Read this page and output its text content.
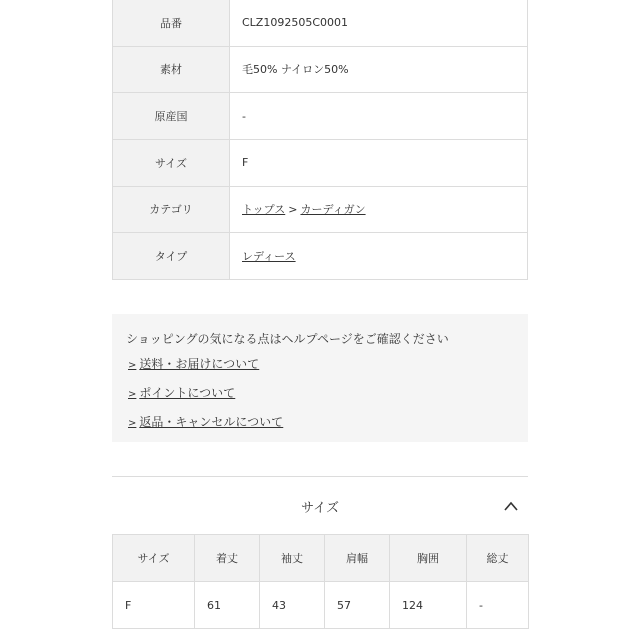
品番	CLZ1092505C0001
素材	毛50% ナイロン50%
原産国	-
サイズ	F
カテゴリ	トップス > カーディガン
タイプ	レディース
ショッピングの気になる点はヘルプページをご確認ください
> 送料・お届けについて
> ポイントについて
> 返品・キャンセルについて
サイズ
サイズ	着丈	袖丈	肩幅	胸囲	総丈
F	61	43	57	124	-
